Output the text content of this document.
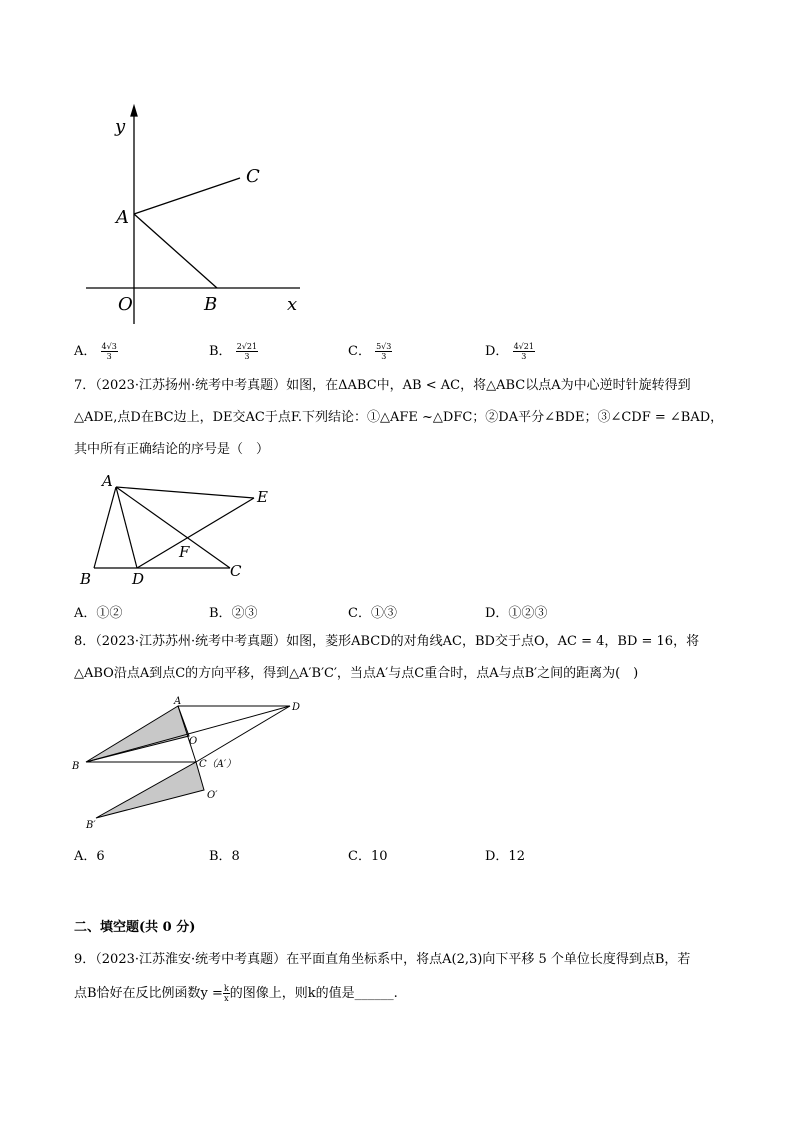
y
x
O
A
B
C
A． $\frac{4√3}{3}$	B． $\frac{2√21}{3}$	C． $\frac{5√3}{3}$	D． $\frac{4√21}{3}$
7．（2023·江苏扬州·统考中考真题）如图，在ΔABC中，AB < AC，将△ABC以点A为中心逆时针旋转得到
△ADE,点D在BC边上，DE交AC于点F.下列结论：①△AFE ~△DFC；②DA平分∠BDE；③∠CDF = ∠BAD，
其中所有正确结论的序号是（　）
A
B	C
D
E
F
A．①②	B．②③	C．①③	D．①②③
8．（2023·江苏苏州·统考中考真题）如图，菱形ABCD的对角线AC，BD交于点O，AC = 4，BD = 16，将
△ABO沿点A到点C的方向平移，得到△A′B′C′，当点A′与点C重合时，点A与点B′之间的距离为(　)
A
B	C（A′）
D
O
O′
B′
A．6	B．8	C．10	D．12
二、填空题(共 0 分)
9．（2023·江苏淮安·统考中考真题）在平面直角坐标系中，将点A(2,3)向下平移 5 个单位长度得到点B，若
点B恰好在反比例函数$y = \frac{k}{x}$ 的图像上，则k的值是______.
